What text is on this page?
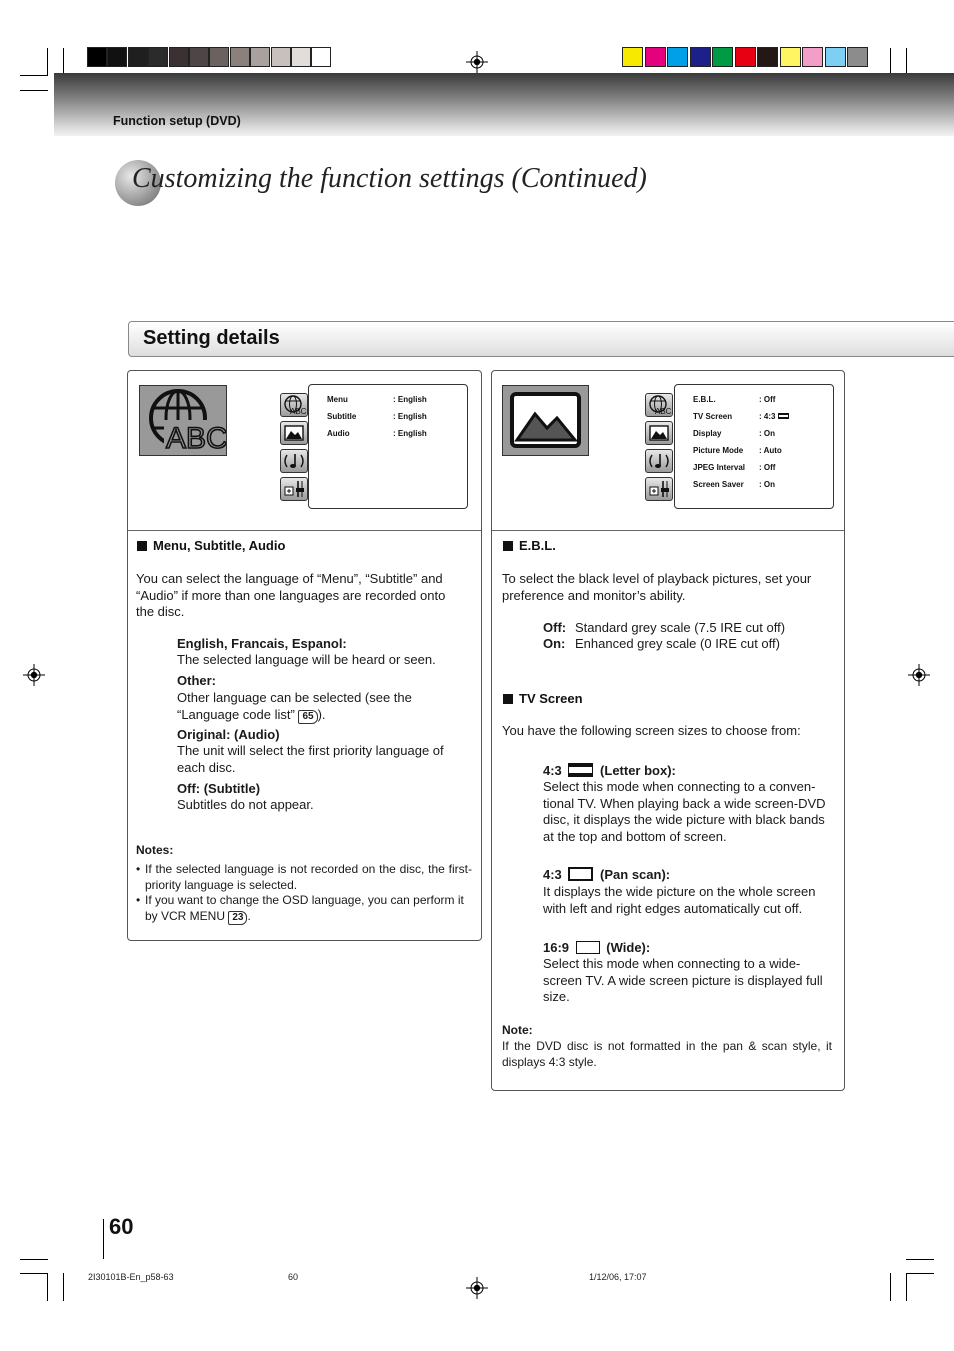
Function setup (DVD)
Customizing the function settings (Continued)
Setting details
ABC
ABC
Menu	: English
Subtitle	: English
Audio	: English
Menu, Subtitle, Audio
You can select the language of “Menu”, “Subtitle” and “Audio” if more than one languages are recorded onto the disc.
English, Francais, Espanol:
The selected language will be heard or seen.
Other:
Other language can be selected (see the “Language code list” 65 ).
Original: (Audio)
The unit will select the first priority language of each disc.
Off: (Subtitle)
Subtitles do not appear.
Notes:
• If the selected language is not recorded on the disc, the first-priority language is selected.
• If you want to change the OSD language, you can perform it by VCR MENU 23 .
ABC
E.B.L.	: Off
TV Screen	: 4:3
Display	: On
Picture Mode : Auto
JPEG Interval : Off
Screen Saver : On
E.B.L.
To select the black level of playback pictures, set your preference and monitor’s ability.
Off: Standard grey scale (7.5 IRE cut off)
On: Enhanced grey scale (0 IRE cut off)
TV Screen
You have the following screen sizes to choose from:
4:3	(Letter box):
Select this mode when connecting to a conven-tional TV. When playing back a wide screen-DVD disc, it displays the wide picture with black bands at the top and bottom of screen.
4:3	(Pan scan):
It displays the wide picture on the whole screen with left and right edges automatically cut off.
16:9	(Wide):
Select this mode when connecting to a wide-screen TV. A wide screen picture is displayed full size.
Note:
If the DVD disc is not formatted in the pan & scan style, it displays 4:3 style.
60
2I30101B-En_p58-63	60	1/12/06, 17:07
